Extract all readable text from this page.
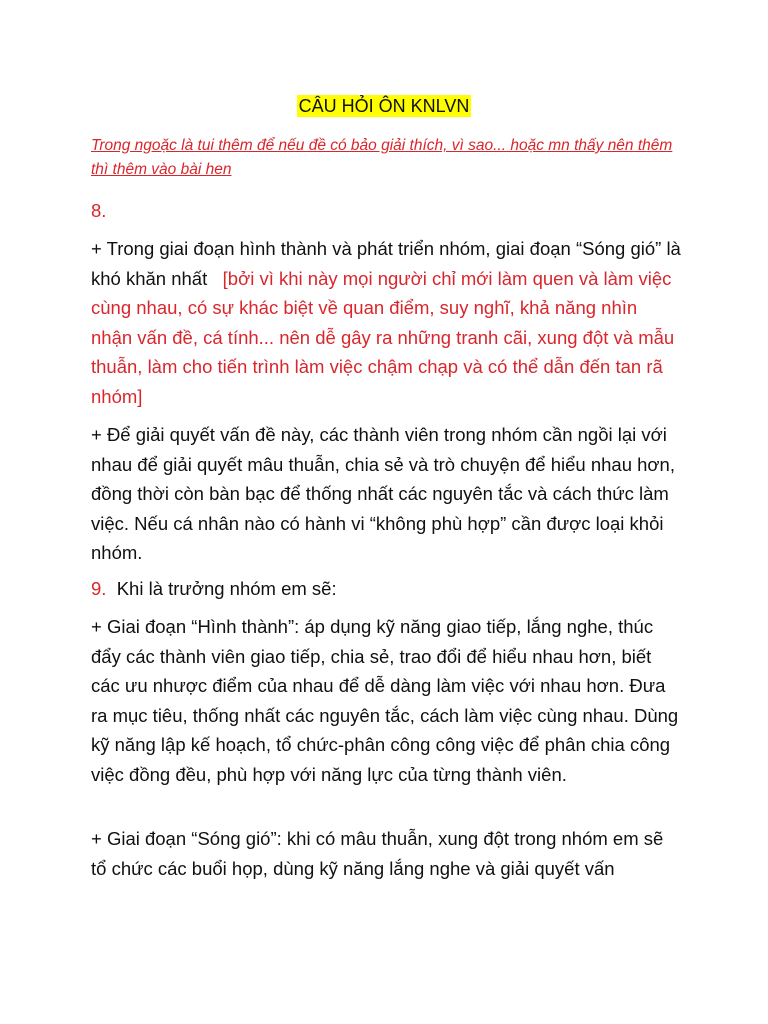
CÂU HỎI ÔN KNLVN
Trong ngoặc là tui thêm để nếu đề có bảo giải thích, vì sao... hoặc mn thấy nên thêm thì thêm vào bài hen
8.
+ Trong giai đoạn hình thành và phát triển nhóm, giai đoạn “Sóng gió” là khó khăn nhất [bởi vì khi này mọi người chỉ mới làm quen và làm việc cùng nhau, có sự khác biệt về quan điểm, suy nghĩ, khả năng nhìn nhận vấn đề, cá tính... nên dễ gây ra những tranh cãi, xung đột và mẫu thuẫn, làm cho tiến trình làm việc chậm chạp và có thể dẫn đến tan rã nhóm]
+ Để giải quyết vấn đề này, các thành viên trong nhóm cần ngồi lại với nhau để giải quyết mâu thuẫn, chia sẻ và trò chuyện để hiểu nhau hơn, đồng thời còn bàn bạc để thống nhất các nguyên tắc và cách thức làm việc. Nếu cá nhân nào có hành vi “không phù hợp” cần được loại khỏi nhóm.
9. Khi là trưởng nhóm em sẽ:
+ Giai đoạn “Hình thành”: áp dụng kỹ năng giao tiếp, lắng nghe, thúc đẩy các thành viên giao tiếp, chia sẻ, trao đổi để hiểu nhau hơn, biết các ưu nhược điểm của nhau để dễ dàng làm việc với nhau hơn. Đưa ra mục tiêu, thống nhất các nguyên tắc, cách làm việc cùng nhau. Dùng kỹ năng lập kế hoạch, tổ chức-phân công công việc để phân chia công việc đồng đều, phù hợp với năng lực của từng thành viên.
+ Giai đoạn “Sóng gió”: khi có mâu thuẫn, xung đột trong nhóm em sẽ tổ chức các buổi họp, dùng kỹ năng lắng nghe và giải quyết vấn
